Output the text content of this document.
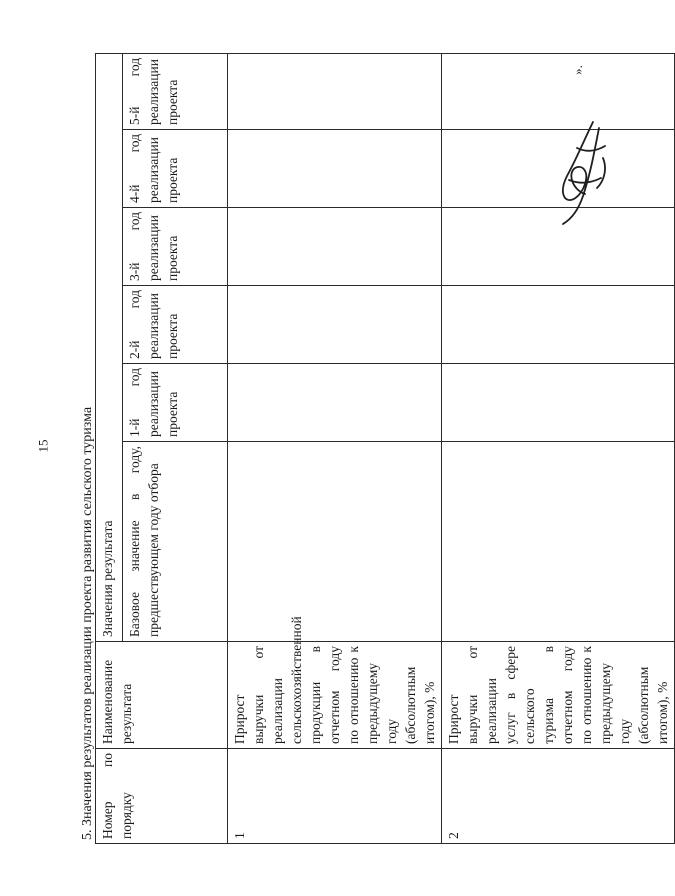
15 5. Значения результатов реализации проекта развития сельского туризма Номер по порядку	Наименование результата	Значения результата					
		Базовое значение в году, предшествующем году отбора	1-й год реализации проекта	2-й год реализации проекта	3-й год реализации проекта	4-й год реализации проекта	5-й год реализации проекта
1	Прирост выручки от реализации сельскохозяйственной продукции в отчетном году по отношению к предыдущему году (абсолютным итогом), %						
2	Прирост выручки от реализации услуг в сфере сельского туризма в отчетном году по отношению к предыдущему году (абсолютным итогом), %						
».
